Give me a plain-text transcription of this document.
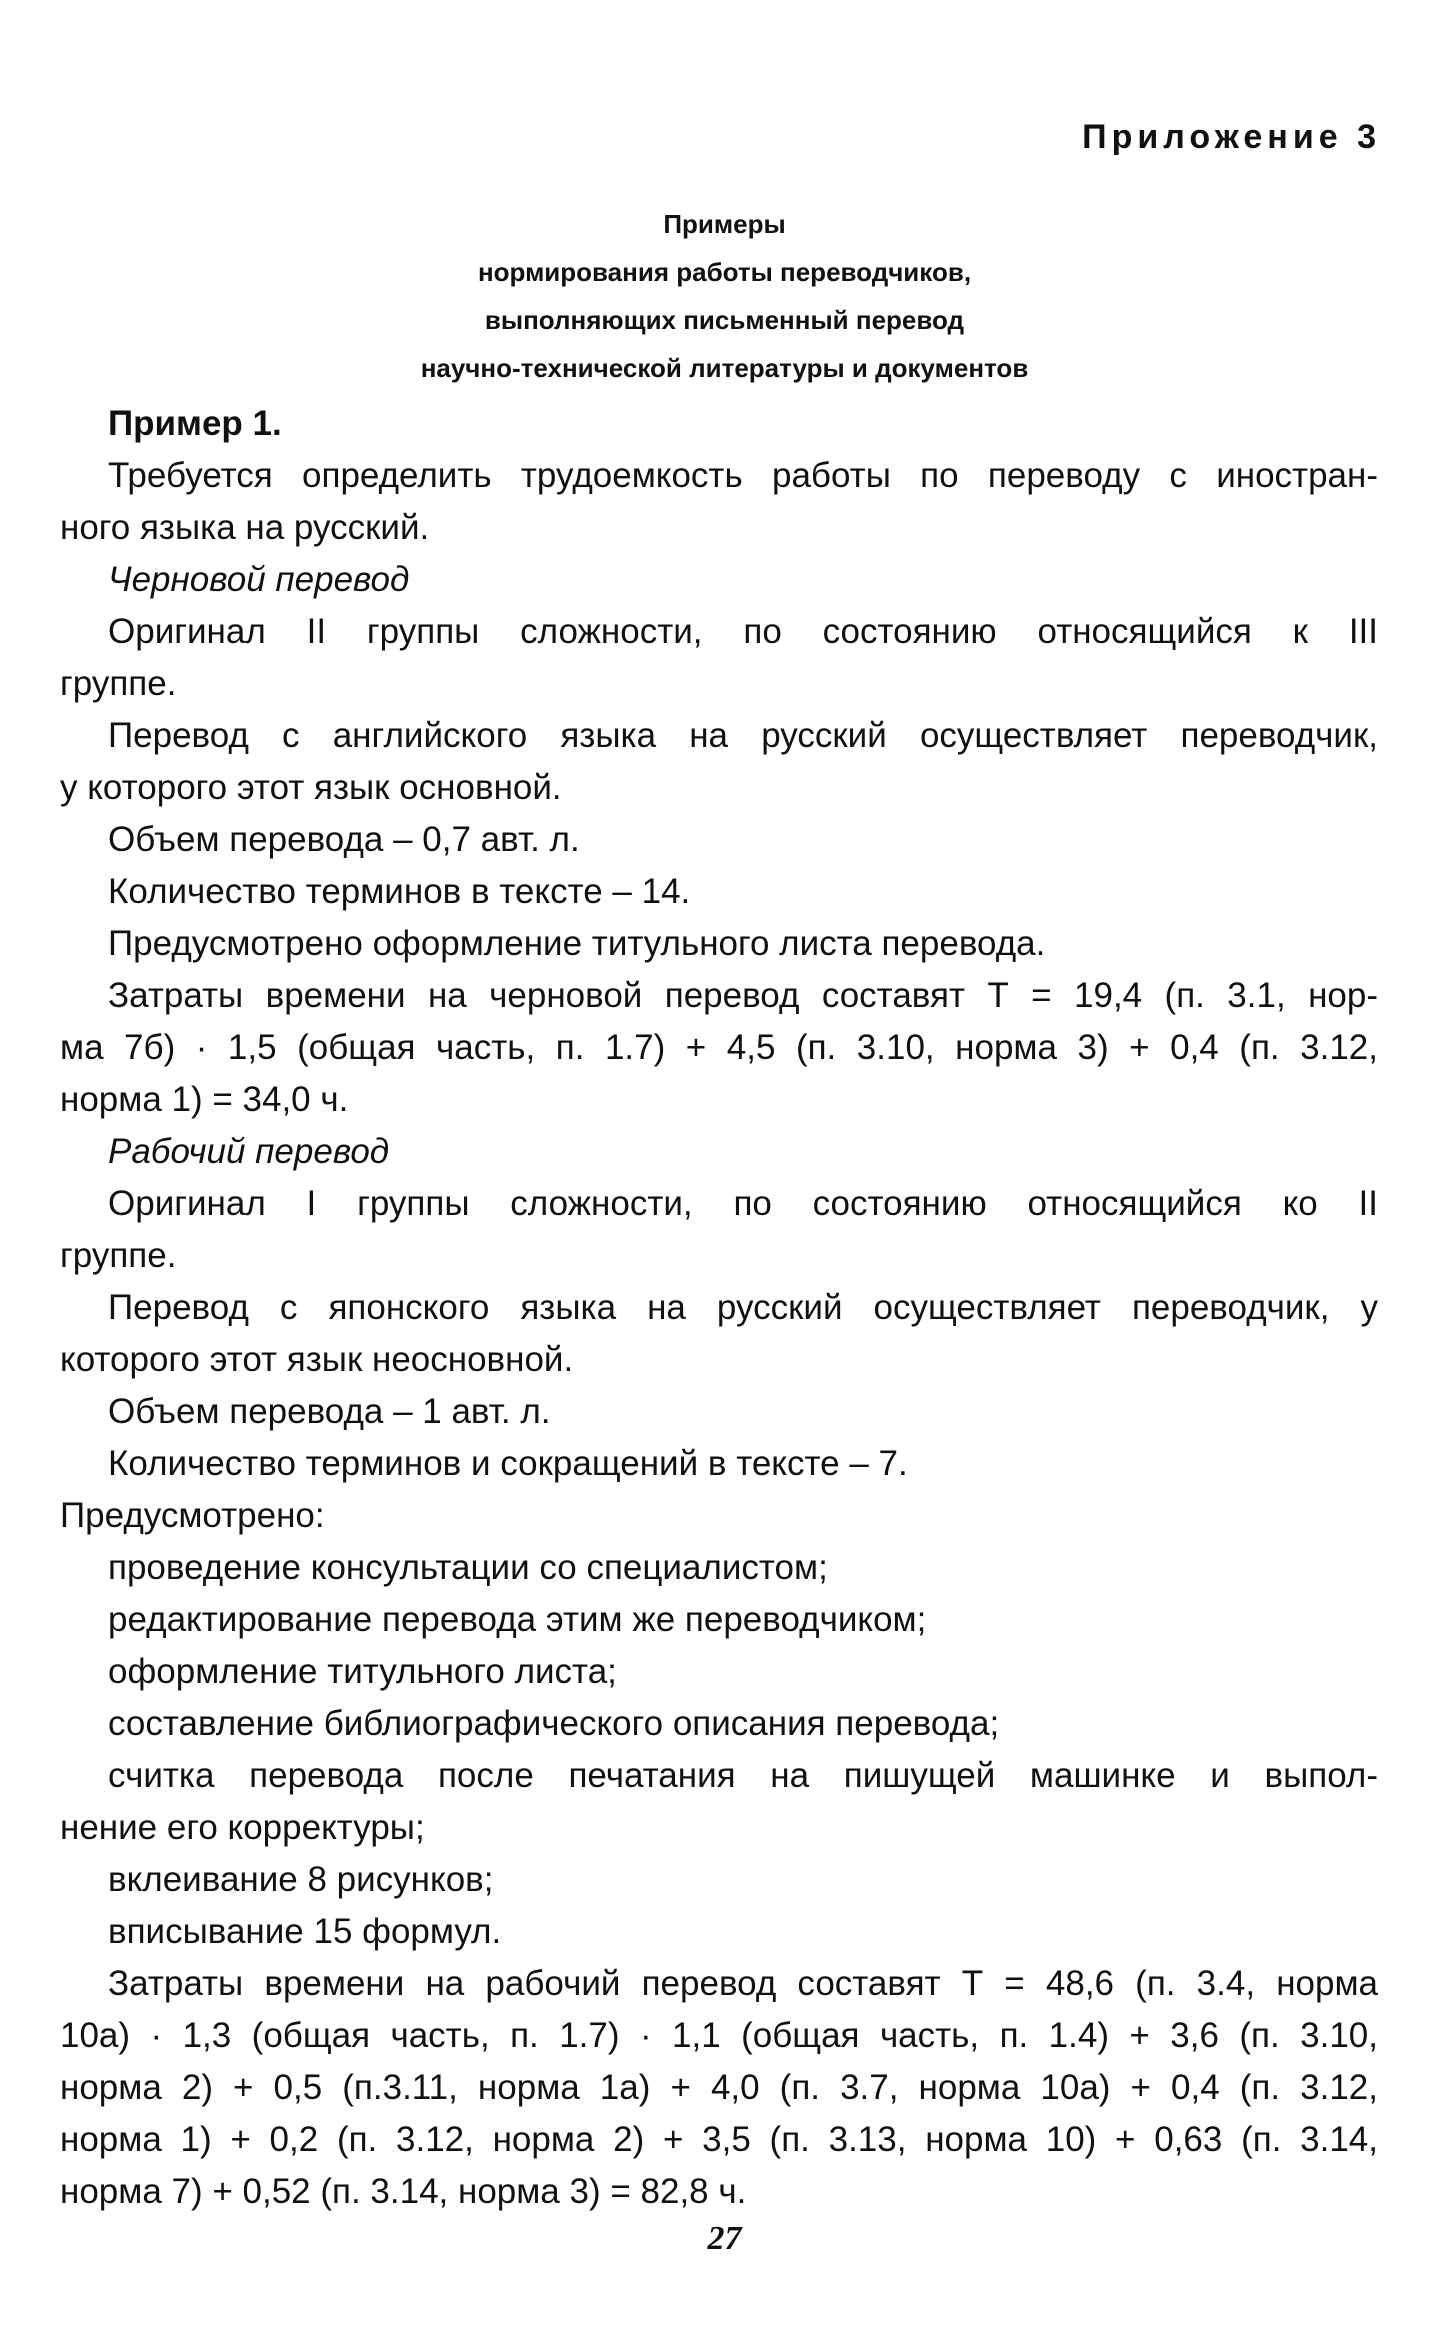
Приложение 3
Примеры
нормирования работы переводчиков,
выполняющих письменный перевод
научно-технической литературы и документов
Пример 1.
Требуется определить трудоемкость работы по переводу с иностран-
ного языка на русский.
Черновой перевод
Оригинал II группы сложности, по состоянию относящийся к III
группе.
Перевод с английского языка на русский осуществляет переводчик,
у которого этот язык основной.
Объем перевода – 0,7 авт. л.
Количество терминов в тексте – 14.
Предусмотрено оформление титульного листа перевода.
Затраты времени на черновой перевод составят Т = 19,4 (п. 3.1, нор-
ма 7б) · 1,5 (общая часть, п. 1.7) + 4,5 (п. 3.10, норма 3) + 0,4 (п. 3.12,
норма 1) = 34,0 ч.
Рабочий перевод
Оригинал I группы сложности, по состоянию относящийся ко II
группе.
Перевод с японского языка на русский осуществляет переводчик, у
которого этот язык неосновной.
Объем перевода – 1 авт. л.
Количество терминов и сокращений в тексте – 7.
Предусмотрено:
проведение консультации со специалистом;
редактирование перевода этим же переводчиком;
оформление титульного листа;
составление библиографического описания перевода;
считка перевода после печатания на пишущей машинке и выпол-
нение его корректуры;
вклеивание 8 рисунков;
вписывание 15 формул.
Затраты времени на рабочий перевод составят Т = 48,6 (п. 3.4, норма
10а) · 1,3 (общая часть, п. 1.7) · 1,1 (общая часть, п. 1.4) + 3,6 (п. 3.10,
норма 2) + 0,5 (п.3.11, норма 1а) + 4,0 (п. 3.7, норма 10а) + 0,4 (п. 3.12,
норма 1) + 0,2 (п. 3.12, норма 2) + 3,5 (п. 3.13, норма 10) + 0,63 (п. 3.14,
норма 7) + 0,52 (п. 3.14, норма 3) = 82,8 ч.
27
